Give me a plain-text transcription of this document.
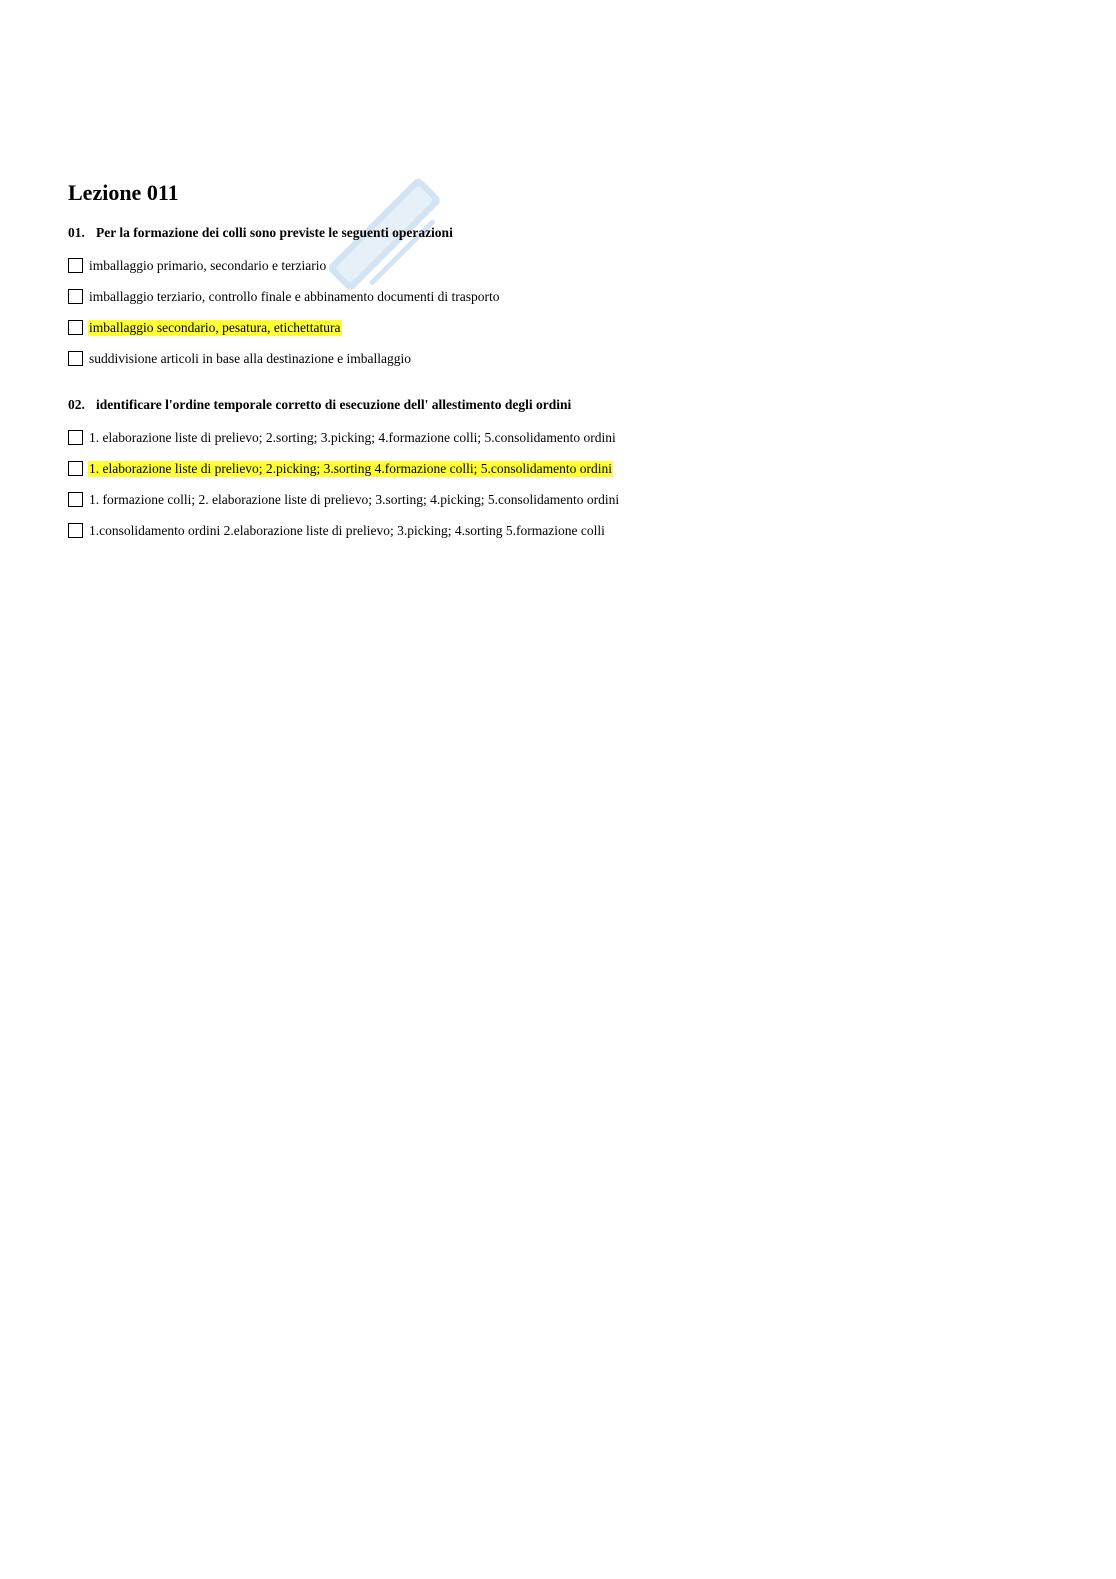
Lezione 011

01. Per la formazione dei colli sono previste le seguenti operazioni

imballaggio primario, secondario e terziario
imballaggio terziario, controllo finale e abbinamento documenti di trasporto
imballaggio secondario, pesatura, etichettatura
suddivisione articoli in base alla destinazione e imballaggio

02. identificare l'ordine temporale corretto di esecuzione dell' allestimento degli ordini

1. elaborazione liste di prelievo; 2.sorting; 3.picking; 4.formazione colli; 5.consolidamento ordini
1. elaborazione liste di prelievo; 2.picking; 3.sorting 4.formazione colli; 5.consolidamento ordini
1. formazione colli; 2. elaborazione liste di prelievo; 3.sorting; 4.picking; 5.consolidamento ordini
1.consolidamento ordini 2.elaborazione liste di prelievo; 3.picking; 4.sorting 5.formazione colli
